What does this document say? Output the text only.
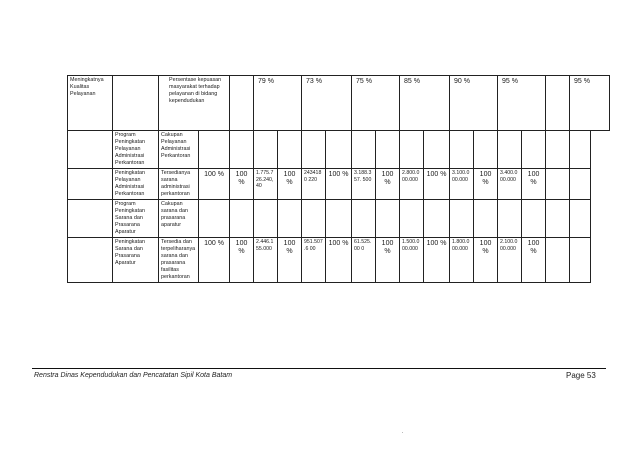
Meningkatnya Kualitas Pelayanan		Persentase kepuasan masyarakat terhadap pelayanan di bidang kependudukan			79 %		73 %		75 %		85 %		90 %		95 %			95 %
	Program Peningkatan Pelayanan Administrasi Perkantoran	Cakupan Pelayanan Administrasi Perkantoran																
	Peningkatan Pelayanan Administrasi Perkantoran	Tersedianya sarana administrasi perkantoran	100 %	100 %	1.775.7 26.240, 40	100 %	2434180 220	100 %	3.188.357. 500	100 %	2.800.0 00.000	100 %	3.100.0 00.000	100 %	3.400.0 00.000	100 %		
	Program Peningkatan Sarana dan Prasarana Aparatur	Cakupan sarana dan prasarana aparatur																
	Peningkatan Sarana dan Prasarana Aparatur	Tersedia dan terpeliharanya sarana dan prasarana fasilitas perkantoran	100 %	100 %	2.446.1 55.000	100 %	951.507.6 00	100 %	61.525.00 0	100 %	1.500.0 00.000	100 %	1.800.0 00.000	100 %	2.100.0 00.000	100 %		
Renstra Dinas Kependudukan dan Pencatatan Sipil Kota Batam	Page 53
